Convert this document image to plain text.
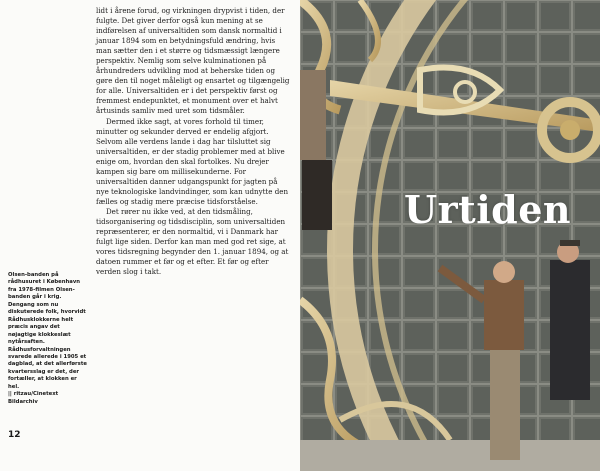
lidt i årene forud, og virkningen drypvist i tiden, der fulgte. Det giver derfor også kun mening at se indførelsen af universaltiden som dansk normaltid i januar 1894 som en betydningsfuld ændring, hvis man sætter den i et større og tidsmæssigt længere perspektiv. Nemlig som selve kulminationen på århundreders udvikling mod at beherske tiden og gøre den til noget måleligt og ensartet og tilgængelig for alle. Universaltiden er i det perspektiv først og fremmest endepunktet, et monument over et halvt årtusinds samliv med uret som tidsmåler.

Dermed ikke sagt, at vores forhold til timer, minutter og sekunder derved er endelig afgjort. Selvom alle verdens lande i dag har tilsluttet sig universaltiden, er der stadig problemer med at blive enige om, hvordan den skal fortolkes. Nu drejer kampen sig bare om millisekunderne. For universaltiden danner udgangspunkt for jagten på nye teknologiske landvindinger, som kan udnytte den fælles og stadig mere præcise tidsforståelse.

Det rører nu ikke ved, at den tidsmåling, tidsorganisering og tidsdisciplin, som universaltiden repræsenterer, er den normaltid, vi i Danmark har fulgt lige siden. Derfor kan man med god ret sige, at vores tidsregning begynder den 1. januar 1894, og at datoen rummer et før og et efter. Et før og efter verden slog i takt.

Olsen-banden på rådhusuret i København fra 1978-filmen Olsen-banden går i krig. Dengang som nu diskuterede folk, hvorvidt Rådhusklokkerne helt præcis angav det nøjagtige klokkeslæt nytårsaften. Rådhusforvaltningen svarede allerede i 1905 et dagblad, at det allerførste kvartersslag er det, der fortæller, at klokken er hel.

|| ritzau/Cinetext Bildarchiv

12
Urtiden
